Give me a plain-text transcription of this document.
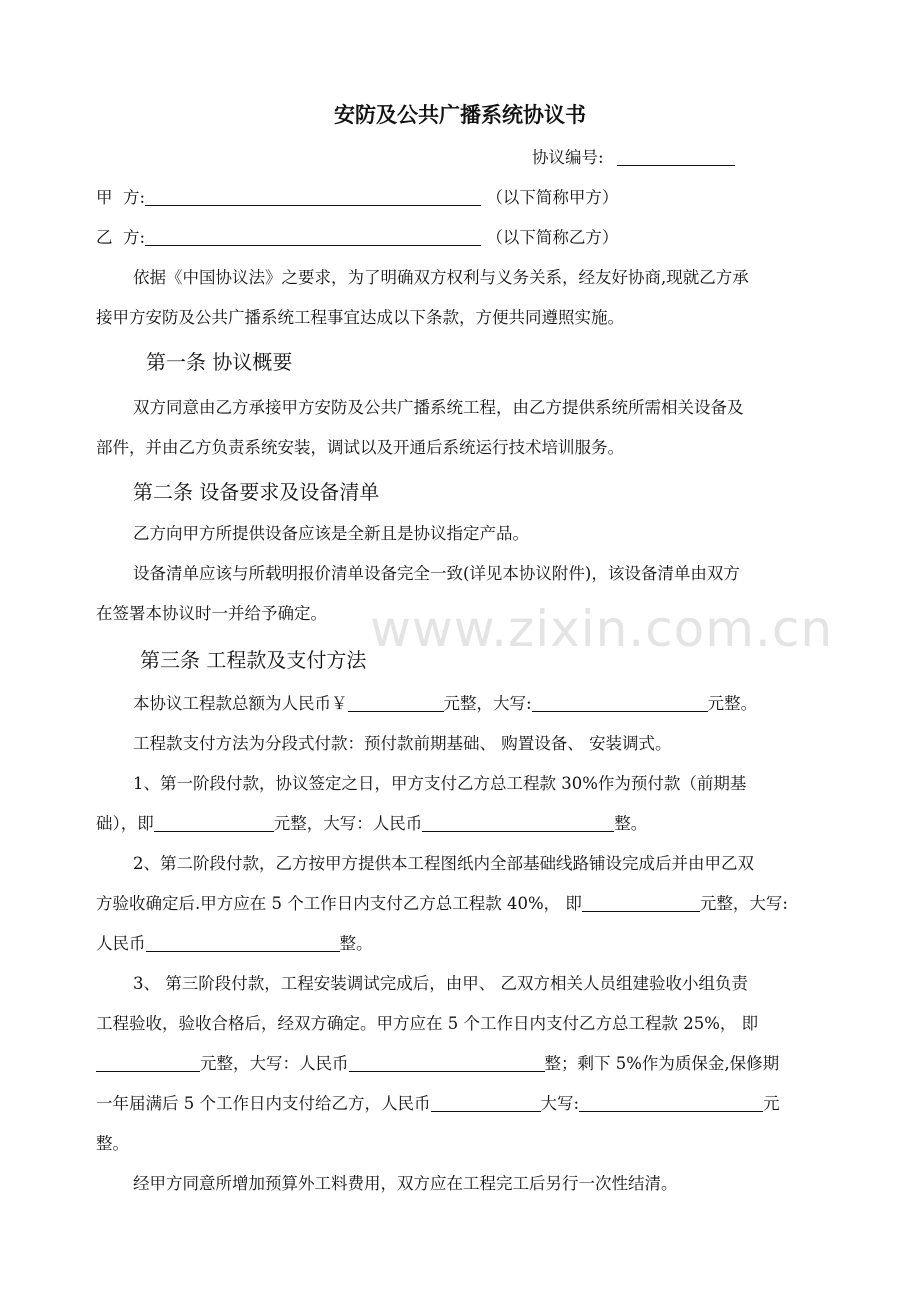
安防及公共广播系统协议书
协议编号:
甲  方:	（以下简称甲方）
乙  方:	（以下简称乙方）
依据《中国协议法》之要求，为了明确双方权利与义务关系，经友好协商,现就乙方承
接甲方安防及公共广播系统工程事宜达成以下条款，方便共同遵照实施。
第一条 协议概要
双方同意由乙方承接甲方安防及公共广播系统工程，由乙方提供系统所需相关设备及
部件，并由乙方负责系统安装，调试以及开通后系统运行技术培训服务。
第二条 设备要求及设备清单
乙方向甲方所提供设备应该是全新且是协议指定产品。
设备清单应该与所载明报价清单设备完全一致(详见本协议附件)，该设备清单由双方
在签署本协议时一并给予确定。 www.zixin.com.cn
第三条 工程款及支付方法
本协议工程款总额为人民币￥	元整，大写:	元整。
工程款支付方法为分段式付款：预付款前期基础、 购置设备、 安装调式。
1、第一阶段付款，协议签定之日，甲方支付乙方总工程款 30%作为预付款（前期基
础），即	元整，大写：人民币	整。
2、第二阶段付款，乙方按甲方提供本工程图纸内全部基础线路铺设完成后并由甲乙双
方验收确定后.甲方应在 5 个工作日内支付乙方总工程款 40%， 即	元整，大写:
人民币	整。
3、 第三阶段付款，工程安装调试完成后，由甲、 乙双方相关人员组建验收小组负责
工程验收，验收合格后，经双方确定。甲方应在 5 个工作日内支付乙方总工程款 25%， 即
元整，大写：人民币	整；剩下 5%作为质保金,保修期
一年届满后 5 个工作日内支付给乙方，人民币	大写:	元
整。
经甲方同意所增加预算外工料费用，双方应在工程完工后另行一次性结清。
